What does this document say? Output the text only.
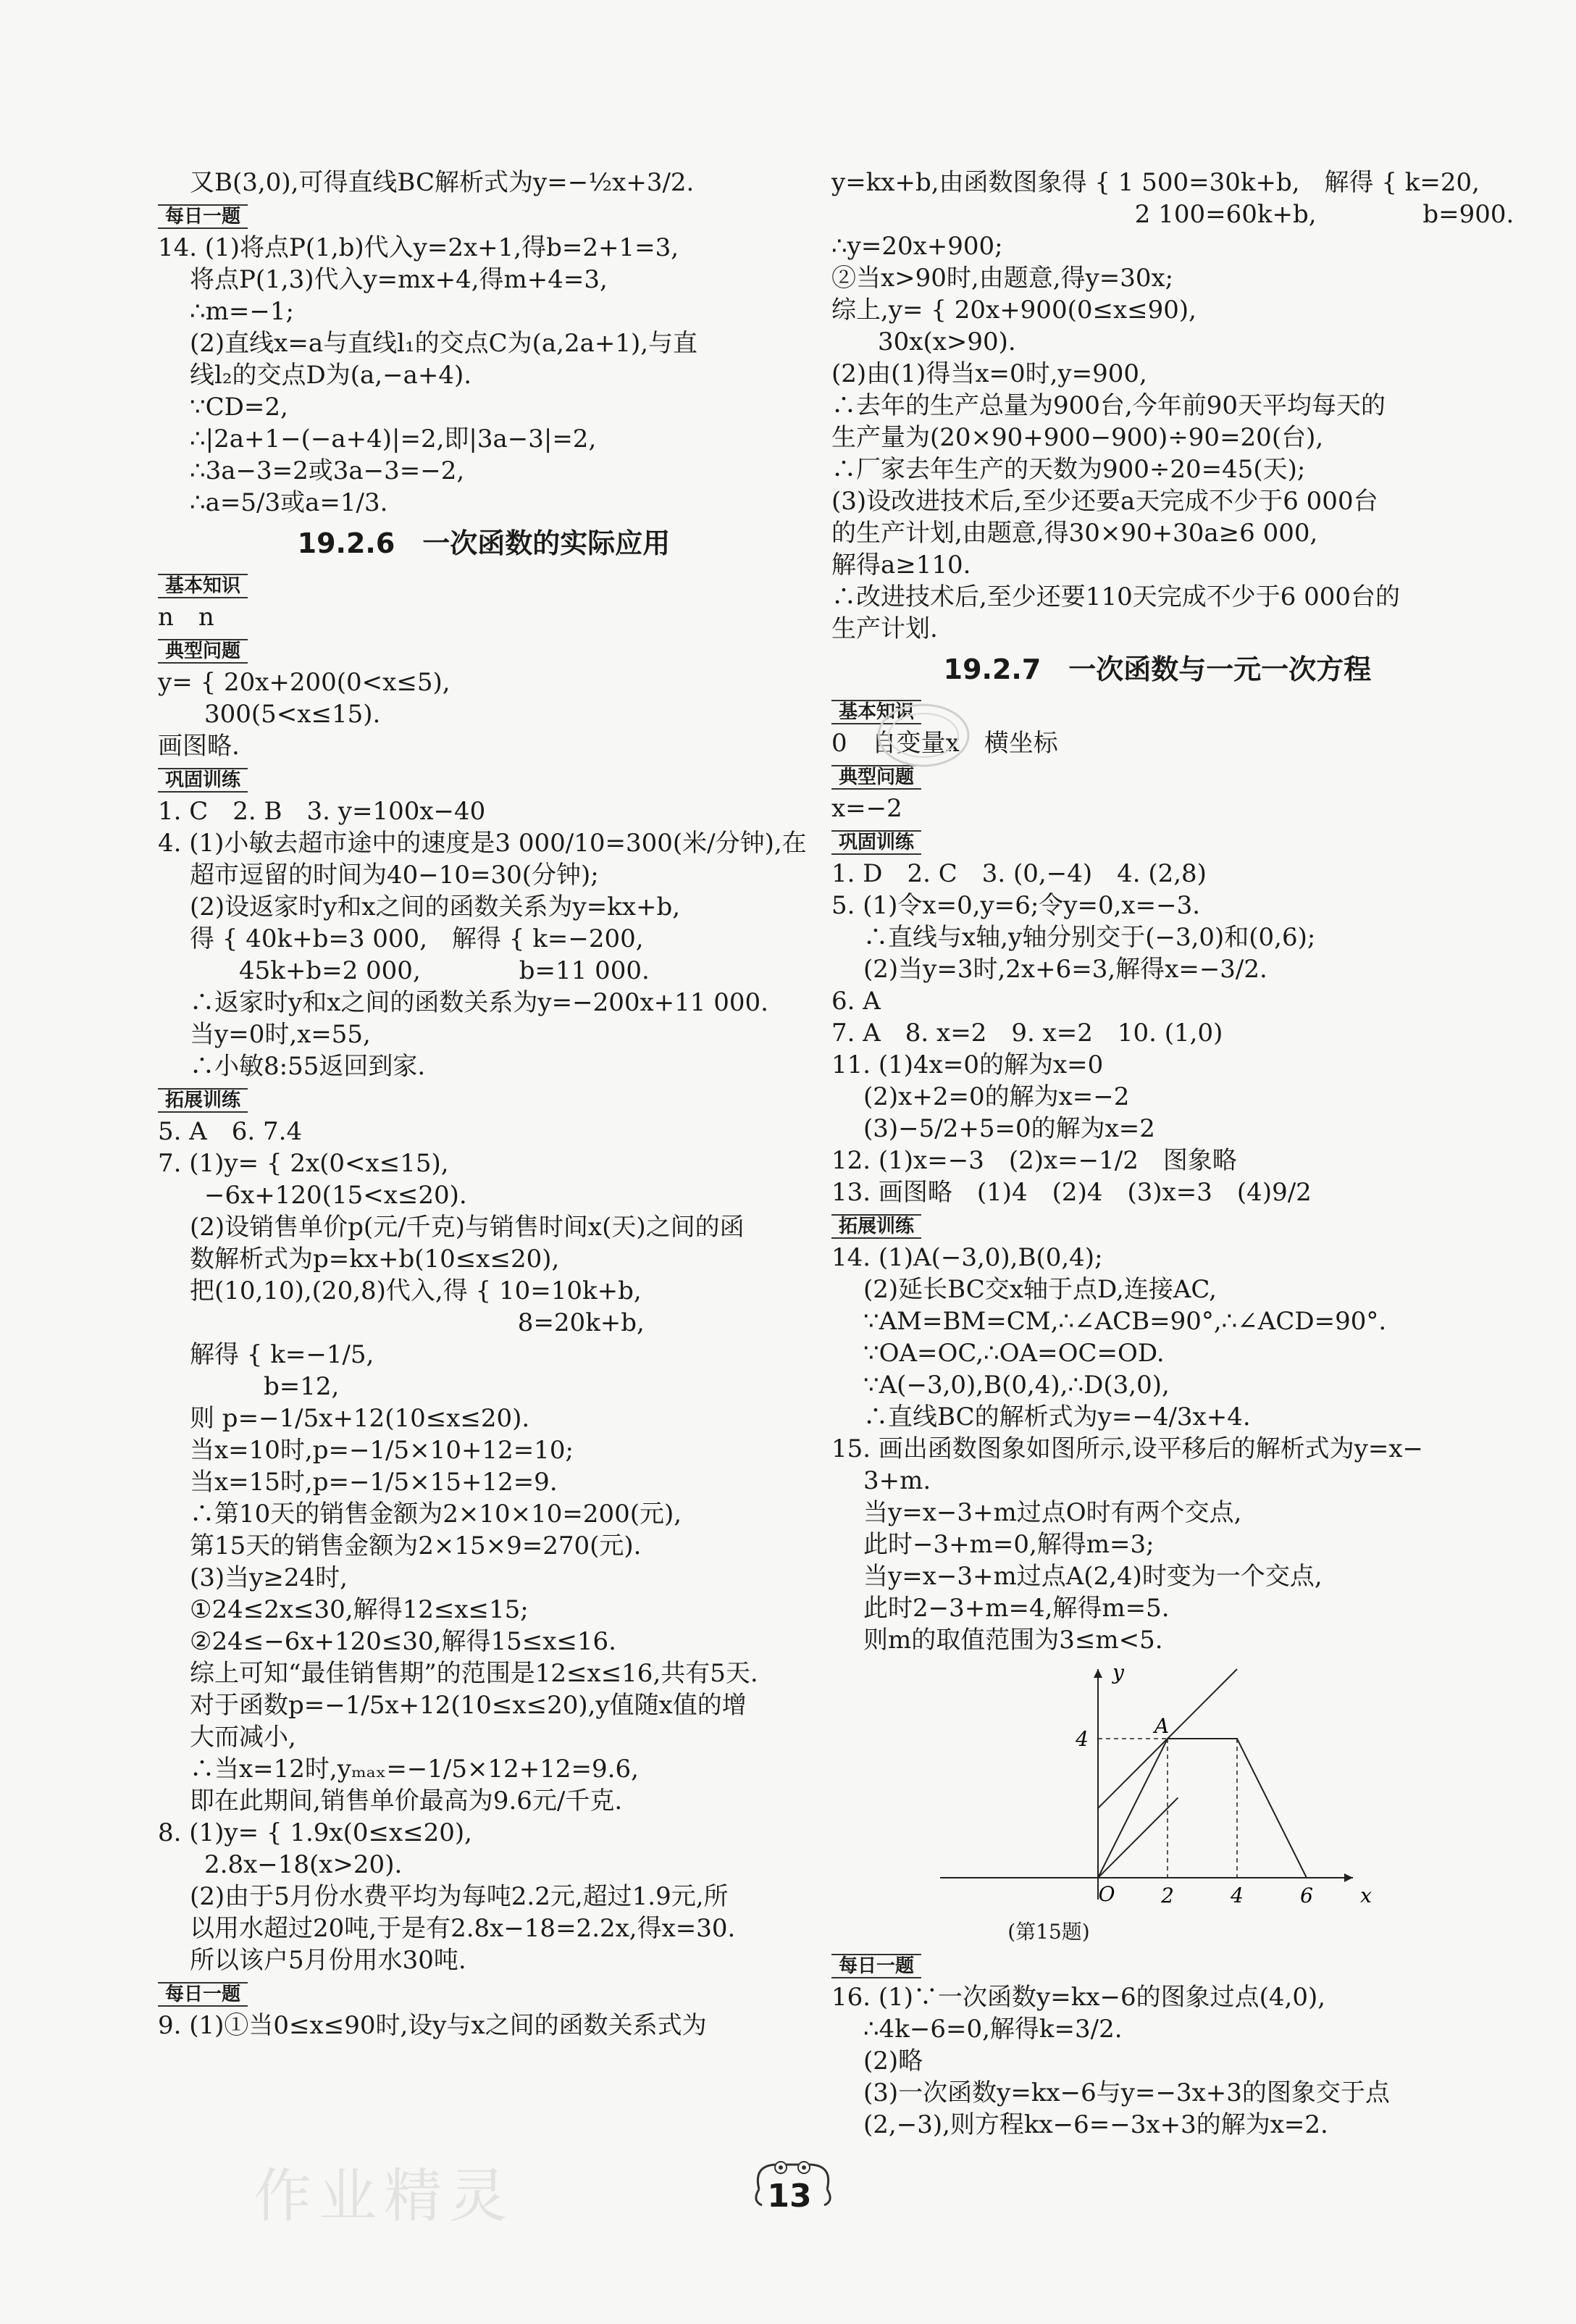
又B(3,0),可得直线BC解析式为y=−½x+3/2.
每日一题
14. (1)将点P(1,b)代入y=2x+1,得b=2+1=3,
将点P(1,3)代入y=mx+4,得m+4=3,
∴m=−1;
(2)直线x=a与直线l₁的交点C为(a,2a+1),与直
线l₂的交点D为(a,−a+4).
∵CD=2,
∴|2a+1−(−a+4)|=2,即|3a−3|=2,
∴3a−3=2或3a−3=−2,
∴a=5/3或a=1/3.
19.2.6　一次函数的实际应用
基本知识
n　n
典型问题
y= { 20x+200(0<x≤5),
300(5<x≤15).
画图略.
巩固训练
1. C　2. B　3. y=100x−40
4. (1)小敏去超市途中的速度是3 000/10=300(米/分钟),在
超市逗留的时间为40−10=30(分钟);
(2)设返家时y和x之间的函数关系为y=kx+b,
得 { 40k+b=3 000,　解得 { k=−200,
　　45k+b=2 000,　　　　b=11 000.
∴返家时y和x之间的函数关系为y=−200x+11 000.
当y=0时,x=55,
∴小敏8:55返回到家.
拓展训练
5. A　6. 7.4
7. (1)y= { 2x(0<x≤15),
−6x+120(15<x≤20).
(2)设销售单价p(元/千克)与销售时间x(天)之间的函
数解析式为p=kx+b(10≤x≤20),
把(10,10),(20,8)代入,得 { 10=10k+b,
　　　　　　　　　　　　　 8=20k+b,
解得 { k=−1/5,
　　　b=12,
则 p=−1/5x+12(10≤x≤20).
当x=10时,p=−1/5×10+12=10;
当x=15时,p=−1/5×15+12=9.
∴第10天的销售金额为2×10×10=200(元),
第15天的销售金额为2×15×9=270(元).
(3)当y≥24时,
①24≤2x≤30,解得12≤x≤15;
②24≤−6x+120≤30,解得15≤x≤16.
综上可知“最佳销售期”的范围是12≤x≤16,共有5天.
对于函数p=−1/5x+12(10≤x≤20),y值随x值的增
大而减小,
∴当x=12时,yₘₐₓ=−1/5×12+12=9.6,
即在此期间,销售单价最高为9.6元/千克.
8. (1)y= { 1.9x(0≤x≤20),
2.8x−18(x>20).
(2)由于5月份水费平均为每吨2.2元,超过1.9元,所
以用水超过20吨,于是有2.8x−18=2.2x,得x=30.
所以该户5月份用水30吨.
每日一题
9. (1)①当0≤x≤90时,设y与x之间的函数关系式为
y=kx+b,由函数图象得 { 1 500=30k+b,　解得 { k=20,
　　　　　　　　　　　　 2 100=60k+b,　　　　 b=900.
∴y=20x+900;
②当x>90时,由题意,得y=30x;
综上,y= { 20x+900(0≤x≤90),
30x(x>90).
(2)由(1)得当x=0时,y=900,
∴去年的生产总量为900台,今年前90天平均每天的
生产量为(20×90+900−900)÷90=20(台),
∴厂家去年生产的天数为900÷20=45(天);
(3)设改进技术后,至少还要a天完成不少于6 000台
的生产计划,由题意,得30×90+30a≥6 000,
解得a≥110.
∴改进技术后,至少还要110天完成不少于6 000台的
生产计划.
19.2.7　一次函数与一元一次方程
基本知识
0　自变量x　横坐标
典型问题
x=−2
巩固训练
1. D　2. C　3. (0,−4)　4. (2,8)
5. (1)令x=0,y=6;令y=0,x=−3.
∴直线与x轴,y轴分别交于(−3,0)和(0,6);
(2)当y=3时,2x+6=3,解得x=−3/2.
6. A
7. A　8. x=2　9. x=2　10. (1,0)
11. (1)4x=0的解为x=0
(2)x+2=0的解为x=−2
(3)−5/2+5=0的解为x=2
12. (1)x=−3　(2)x=−1/2　图象略
13. 画图略　(1)4　(2)4　(3)x=3　(4)9/2
拓展训练
14. (1)A(−3,0),B(0,4);
(2)延长BC交x轴于点D,连接AC,
∵AM=BM=CM,∴∠ACB=90°,∴∠ACD=90°.
∵OA=OC,∴OA=OC=OD.
∵A(−3,0),B(0,4),∴D(3,0),
∴直线BC的解析式为y=−4/3x+4.
15. 画出函数图象如图所示,设平移后的解析式为y=x−
3+m.
当y=x−3+m过点O时有两个交点,
此时−3+m=0,解得m=3;
当y=x−3+m过点A(2,4)时变为一个交点,
此时2−3+m=4,解得m=5.
则m的取值范围为3≤m<5.
x
y
O
A
4
2	4	6
(第15题)
每日一题
16. (1)∵一次函数y=kx−6的图象过点(4,0),
∴4k−6=0,解得k=3/2.
(2)略
(3)一次函数y=kx−6与y=−3x+3的图象交于点
(2,−3),则方程kx−6=−3x+3的解为x=2.
作业精灵	13
